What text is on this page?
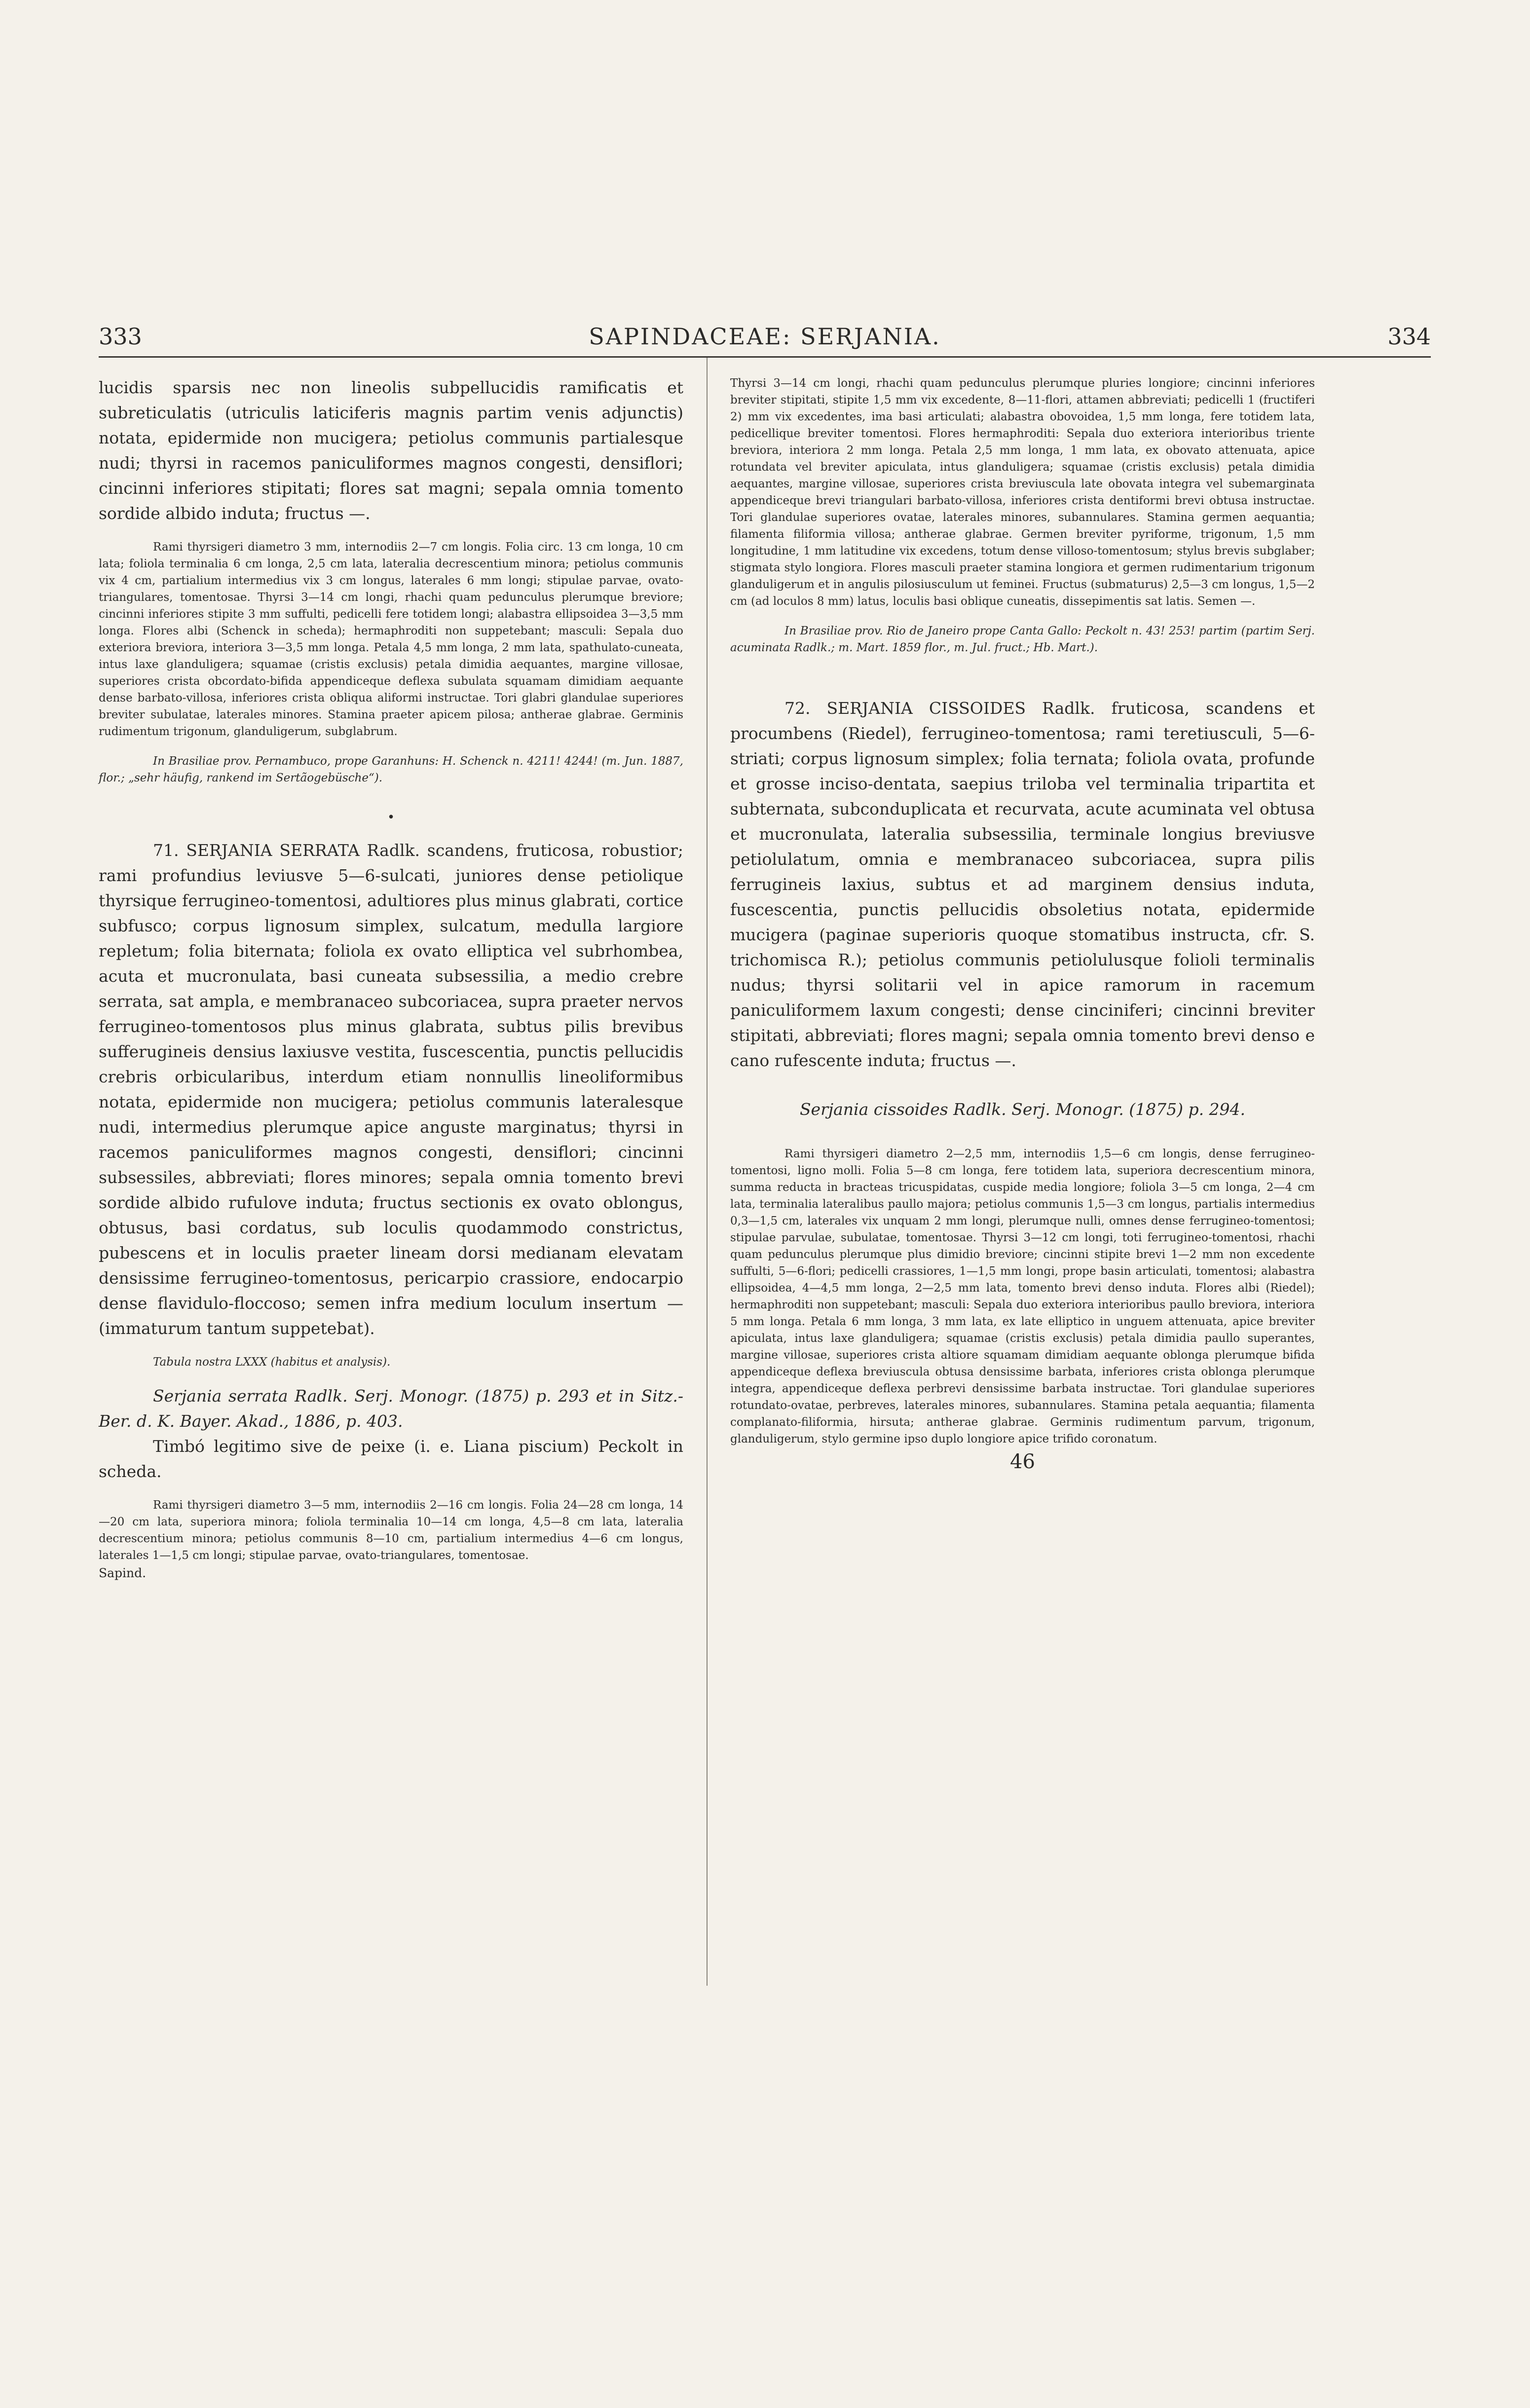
333	SAPINDACEAE: SERJANIA.	334

lucidis sparsis nec non lineolis subpellucidis ramificatis et subreticulatis (utriculis laticiferis magnis partim venis adjunctis) notata, epidermide non mucigera; petiolus communis partialesque nudi; thyrsi in racemos paniculiformes magnos congesti, densiflori; cincinni inferiores stipitati; flores sat magni; sepala omnia tomento sordide albido induta; fructus —.

Rami thyrsigeri diametro 3 mm, internodiis 2—7 cm longis. Folia circ. 13 cm longa, 10 cm lata; foliola terminalia 6 cm longa, 2,5 cm lata, lateralia decrescentium minora; petiolus communis vix 4 cm, partialium intermedius vix 3 cm longus, laterales 6 mm longi; stipulae parvae, ovato-triangulares, tomentosae. Thyrsi 3—14 cm longi, rhachi quam pedunculus plerumque breviore; cincinni inferiores stipite 3 mm suffulti, pedicelli fere totidem longi; alabastra ellipsoidea 3—3,5 mm longa. Flores albi (Schenck in scheda); hermaphroditi non suppetebant; masculi: Sepala duo exteriora breviora, interiora 3—3,5 mm longa. Petala 4,5 mm longa, 2 mm lata, spathulato-cuneata, intus laxe glanduligera; squamae (cristis exclusis) petala dimidia aequantes, margine villosae, superiores crista obcordato-bifida appendiceque deflexa subulata squamam dimidiam aequante dense barbato-villosa, inferiores crista obliqua aliformi instructae. Tori glabri glandulae superiores breviter subulatae, laterales minores. Stamina praeter apicem pilosa; antherae glabrae. Germinis rudimentum trigonum, glanduligerum, subglabrum.

In Brasiliae prov. Pernambuco, prope Garanhuns: H. Schenck n. 4211! 4244! (m. Jun. 1887, flor.; „sehr häufig, rankend im Sertãogebüsche“).

•

71. SERJANIA SERRATA Radlk. scandens, fruticosa, robustior; rami profundius leviusve 5—6-sulcati, juniores dense petiolique thyrsique ferrugineo-tomentosi, adultiores plus minus glabrati, cortice subfusco; corpus lignosum simplex, sulcatum, medulla largiore repletum; folia biternata; foliola ex ovato elliptica vel subrhombea, acuta et mucronulata, basi cuneata subsessilia, a medio crebre serrata, sat ampla, e membranaceo subcoriacea, supra praeter nervos ferrugineo-tomentosos plus minus glabrata, subtus pilis brevibus sufferugineis densius laxiusve vestita, fuscescentia, punctis pellucidis crebris orbicularibus, interdum etiam nonnullis lineoliformibus notata, epidermide non mucigera; petiolus communis lateralesque nudi, intermedius plerumque apice anguste marginatus; thyrsi in racemos paniculiformes magnos congesti, densiflori; cincinni subsessiles, abbreviati; flores minores; sepala omnia tomento brevi sordide albido rufulove induta; fructus sectionis ex ovato oblongus, obtusus, basi cordatus, sub loculis quodammodo constrictus, pubescens et in loculis praeter lineam dorsi medianam elevatam densissime ferrugineo-tomentosus, pericarpio crassiore, endocarpio dense flavidulo-floccoso; semen infra medium loculum insertum — (immaturum tantum suppetebat).

Tabula nostra LXXX (habitus et analysis).

Serjania serrata Radlk. Serj. Monogr. (1875) p. 293 et in Sitz.-Ber. d. K. Bayer. Akad., 1886, p. 403.

Timbó legitimo sive de peixe (i. e. Liana piscium) Peckolt in scheda.

Rami thyrsigeri diametro 3—5 mm, internodiis 2—16 cm longis. Folia 24—28 cm longa, 14—20 cm lata, superiora minora; foliola terminalia 10—14 cm longa, 4,5—8 cm lata, lateralia decrescentium minora; petiolus communis 8—10 cm, partialium intermedius 4—6 cm longus, laterales 1—1,5 cm longi; stipulae parvae, ovato-triangulares, tomentosae.

Sapind.

Thyrsi 3—14 cm longi, rhachi quam pedunculus plerumque pluries longiore; cincinni inferiores breviter stipitati, stipite 1,5 mm vix excedente, 8—11-flori, attamen abbreviati; pedicelli 1 (fructiferi 2) mm vix excedentes, ima basi articulati; alabastra obovoidea, 1,5 mm longa, fere totidem lata, pedicellique breviter tomentosi. Flores hermaphroditi: Sepala duo exteriora interioribus triente breviora, interiora 2 mm longa. Petala 2,5 mm longa, 1 mm lata, ex obovato attenuata, apice rotundata vel breviter apiculata, intus glanduligera; squamae (cristis exclusis) petala dimidia aequantes, margine villosae, superiores crista breviuscula late obovata integra vel subemarginata appendiceque brevi triangulari barbato-villosa, inferiores crista dentiformi brevi obtusa instructae. Tori glandulae superiores ovatae, laterales minores, subannulares. Stamina germen aequantia; filamenta filiformia villosa; antherae glabrae. Germen breviter pyriforme, trigonum, 1,5 mm longitudine, 1 mm latitudine vix excedens, totum dense villoso-tomentosum; stylus brevis subglaber; stigmata stylo longiora. Flores masculi praeter stamina longiora et germen rudimentarium trigonum glanduligerum et in angulis pilosiusculum ut feminei. Fructus (submaturus) 2,5—3 cm longus, 1,5—2 cm (ad loculos 8 mm) latus, loculis basi oblique cuneatis, dissepimentis sat latis. Semen —.

In Brasiliae prov. Rio de Janeiro prope Canta Gallo: Peckolt n. 43! 253! partim (partim Serj. acuminata Radlk.; m. Mart. 1859 flor., m. Jul. fruct.; Hb. Mart.).

72. SERJANIA CISSOIDES Radlk. fruticosa, scandens et procumbens (Riedel), ferrugineo-tomentosa; rami teretiusculi, 5—6-striati; corpus lignosum simplex; folia ternata; foliola ovata, profunde et grosse inciso-dentata, saepius triloba vel terminalia tripartita et subternata, subconduplicata et recurvata, acute acuminata vel obtusa et mucronulata, lateralia subsessilia, terminale longius breviusve petiolulatum, omnia e membranaceo subcoriacea, supra pilis ferrugineis laxius, subtus et ad marginem densius induta, fuscescentia, punctis pellucidis obsoletius notata, epidermide mucigera (paginae superioris quoque stomatibus instructa, cfr. S. trichomisca R.); petiolus communis petiolulusque folioli terminalis nudus; thyrsi solitarii vel in apice ramorum in racemum paniculiformem laxum congesti; dense cinciniferi; cincinni breviter stipitati, abbreviati; flores magni; sepala omnia tomento brevi denso e cano rufescente induta; fructus —.

Serjania cissoides Radlk. Serj. Monogr. (1875) p. 294.

Rami thyrsigeri diametro 2—2,5 mm, internodiis 1,5—6 cm longis, dense ferrugineo-tomentosi, ligno molli. Folia 5—8 cm longa, fere totidem lata, superiora decrescentium minora, summa reducta in bracteas tricuspidatas, cuspide media longiore; foliola 3—5 cm longa, 2—4 cm lata, terminalia lateralibus paullo majora; petiolus communis 1,5—3 cm longus, partialis intermedius 0,3—1,5 cm, laterales vix unquam 2 mm longi, plerumque nulli, omnes dense ferrugineo-tomentosi; stipulae parvulae, subulatae, tomentosae. Thyrsi 3—12 cm longi, toti ferrugineo-tomentosi, rhachi quam pedunculus plerumque plus dimidio breviore; cincinni stipite brevi 1—2 mm non excedente suffulti, 5—6-flori; pedicelli crassiores, 1—1,5 mm longi, prope basin articulati, tomentosi; alabastra ellipsoidea, 4—4,5 mm longa, 2—2,5 mm lata, tomento brevi denso induta. Flores albi (Riedel); hermaphroditi non suppetebant; masculi: Sepala duo exteriora interioribus paullo breviora, interiora 5 mm longa. Petala 6 mm longa, 3 mm lata, ex late elliptico in unguem attenuata, apice breviter apiculata, intus laxe glanduligera; squamae (cristis exclusis) petala dimidia paullo superantes, margine villosae, superiores crista altiore squamam dimidiam aequante oblonga plerumque bifida appendiceque deflexa breviuscula obtusa densissime barbata, inferiores crista oblonga plerumque integra, appendiceque deflexa perbrevi densissime barbata instructae. Tori glandulae superiores rotundato-ovatae, perbreves, laterales minores, subannulares. Stamina petala aequantia; filamenta complanato-filiformia, hirsuta; antherae glabrae. Germinis rudimentum parvum, trigonum, glanduligerum, stylo germine ipso duplo longiore apice trifido coronatum.

46
